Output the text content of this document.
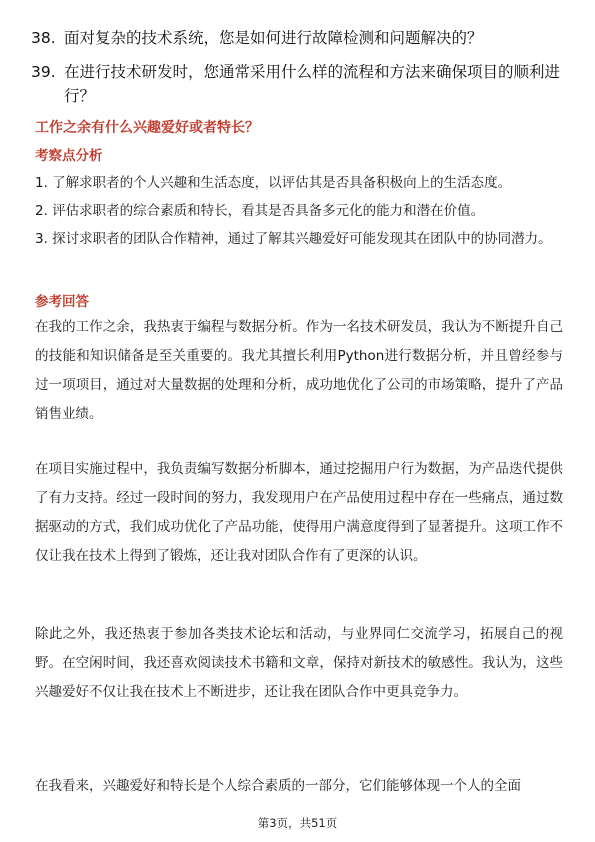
38. 面对复杂的技术系统，您是如何进行故障检测和问题解决的？
39. 在进行技术研发时，您通常采用什么样的流程和方法来确保项目的顺利进行？
工作之余有什么兴趣爱好或者特长？
考察点分析
1. 了解求职者的个人兴趣和生活态度，以评估其是否具备积极向上的生活态度。
2. 评估求职者的综合素质和特长，看其是否具备多元化的能力和潜在价值。
3. 探讨求职者的团队合作精神，通过了解其兴趣爱好可能发现其在团队中的协同潜力。
参考回答
在我的工作之余，我热衷于编程与数据分析。作为一名技术研发员，我认为不断提升自己的技能和知识储备是至关重要的。我尤其擅长利用Python进行数据分析，并且曾经参与过一项项目，通过对大量数据的处理和分析，成功地优化了公司的市场策略，提升了产品销售业绩。
在项目实施过程中，我负责编写数据分析脚本，通过挖掘用户行为数据，为产品迭代提供了有力支持。经过一段时间的努力，我发现用户在产品使用过程中存在一些痛点，通过数据驱动的方式，我们成功优化了产品功能，使得用户满意度得到了显著提升。这项工作不仅让我在技术上得到了锻炼，还让我对团队合作有了更深的认识。
除此之外，我还热衷于参加各类技术论坛和活动，与业界同仁交流学习，拓展自己的视野。在空闲时间，我还喜欢阅读技术书籍和文章，保持对新技术的敏感性。我认为，这些兴趣爱好不仅让我在技术上不断进步，还让我在团队合作中更具竞争力。
在我看来，兴趣爱好和特长是个人综合素质的一部分，它们能够体现一个人的全面
第3页，共51页
